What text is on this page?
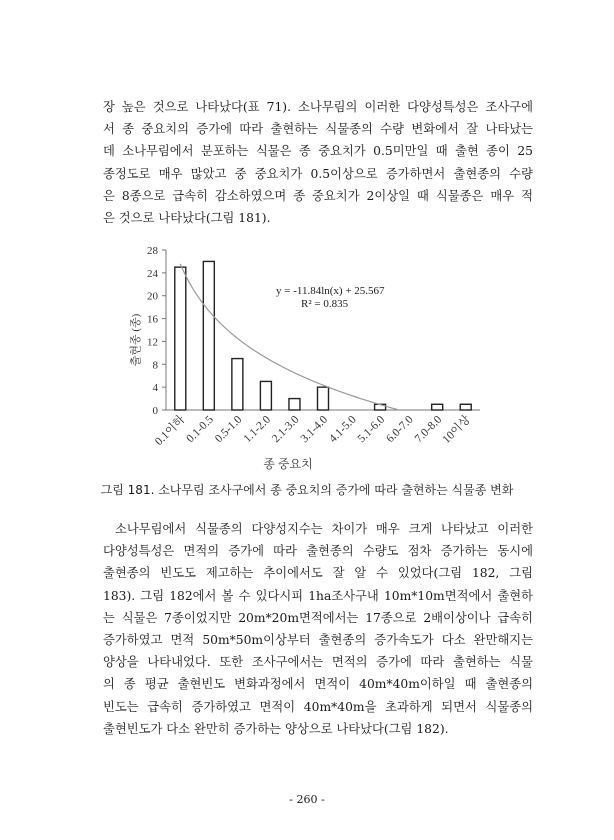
장 높은 것으로 나타났다(표 71). 소나무림의 이러한 다양성특성은 조사구에
서 종 중요치의 증가에 따라 출현하는 식물종의 수량 변화에서 잘 나타났는
데 소나무림에서 분포하는 식물은 종 중요치가 0.5미만일 때 출현 종이 25
종정도로 매우 많았고 중 중요치가 0.5이상으로 증가하면서 출현종의 수량
은 8종으로 급속히 감소하였으며 종 중요치가 2이상일 때 식물종은 매우 적
은 것으로 나타났다(그림 181).
0
4
8
12
16
20
24
28
0.1이하
0.1-0.5
0.5-1.0
1.1-2.0
2.1-3.0
3.1-4.0
4.1-5.0
5.1-6.0
6.0-7.0
7.0-8.0
10이상
y = -11.84ln(x) + 25.567
R² = 0.835
종 중요치
출현종 (종)
그림 181. 소나무림 조사구에서 종 중요치의 증가에 따라 출현하는 식물종 변화
소나무림에서 식물종의 다양성지수는 차이가 매우 크게 나타났고 이러한
다양성특성은 면적의 증가에 따라 출현종의 수량도 점차 증가하는 동시에
출현종의 빈도도 제고하는 추이에서도 잘 알 수 있었다(그림 182, 그림
183). 그림 182에서 볼 수 있다시피 1ha조사구내 10m*10m면적에서 출현하
는 식물은 7종이었지만 20m*20m면적에서는 17종으로 2배이상이나 급속히
증가하였고 면적 50m*50m이상부터 출현종의 증가속도가 다소 완만해지는
양상을 나타내었다. 또한 조사구에서는 면적의 증가에 따라 출현하는 식물
의 종 평균 출현빈도 변화과정에서 면적이 40m*40m이하일 때 출현종의
빈도는 급속히 증가하였고 면적이 40m*40m을 초과하게 되면서 식물종의
출현빈도가 다소 완만히 증가하는 양상으로 나타났다(그림 182).
- 260 -
